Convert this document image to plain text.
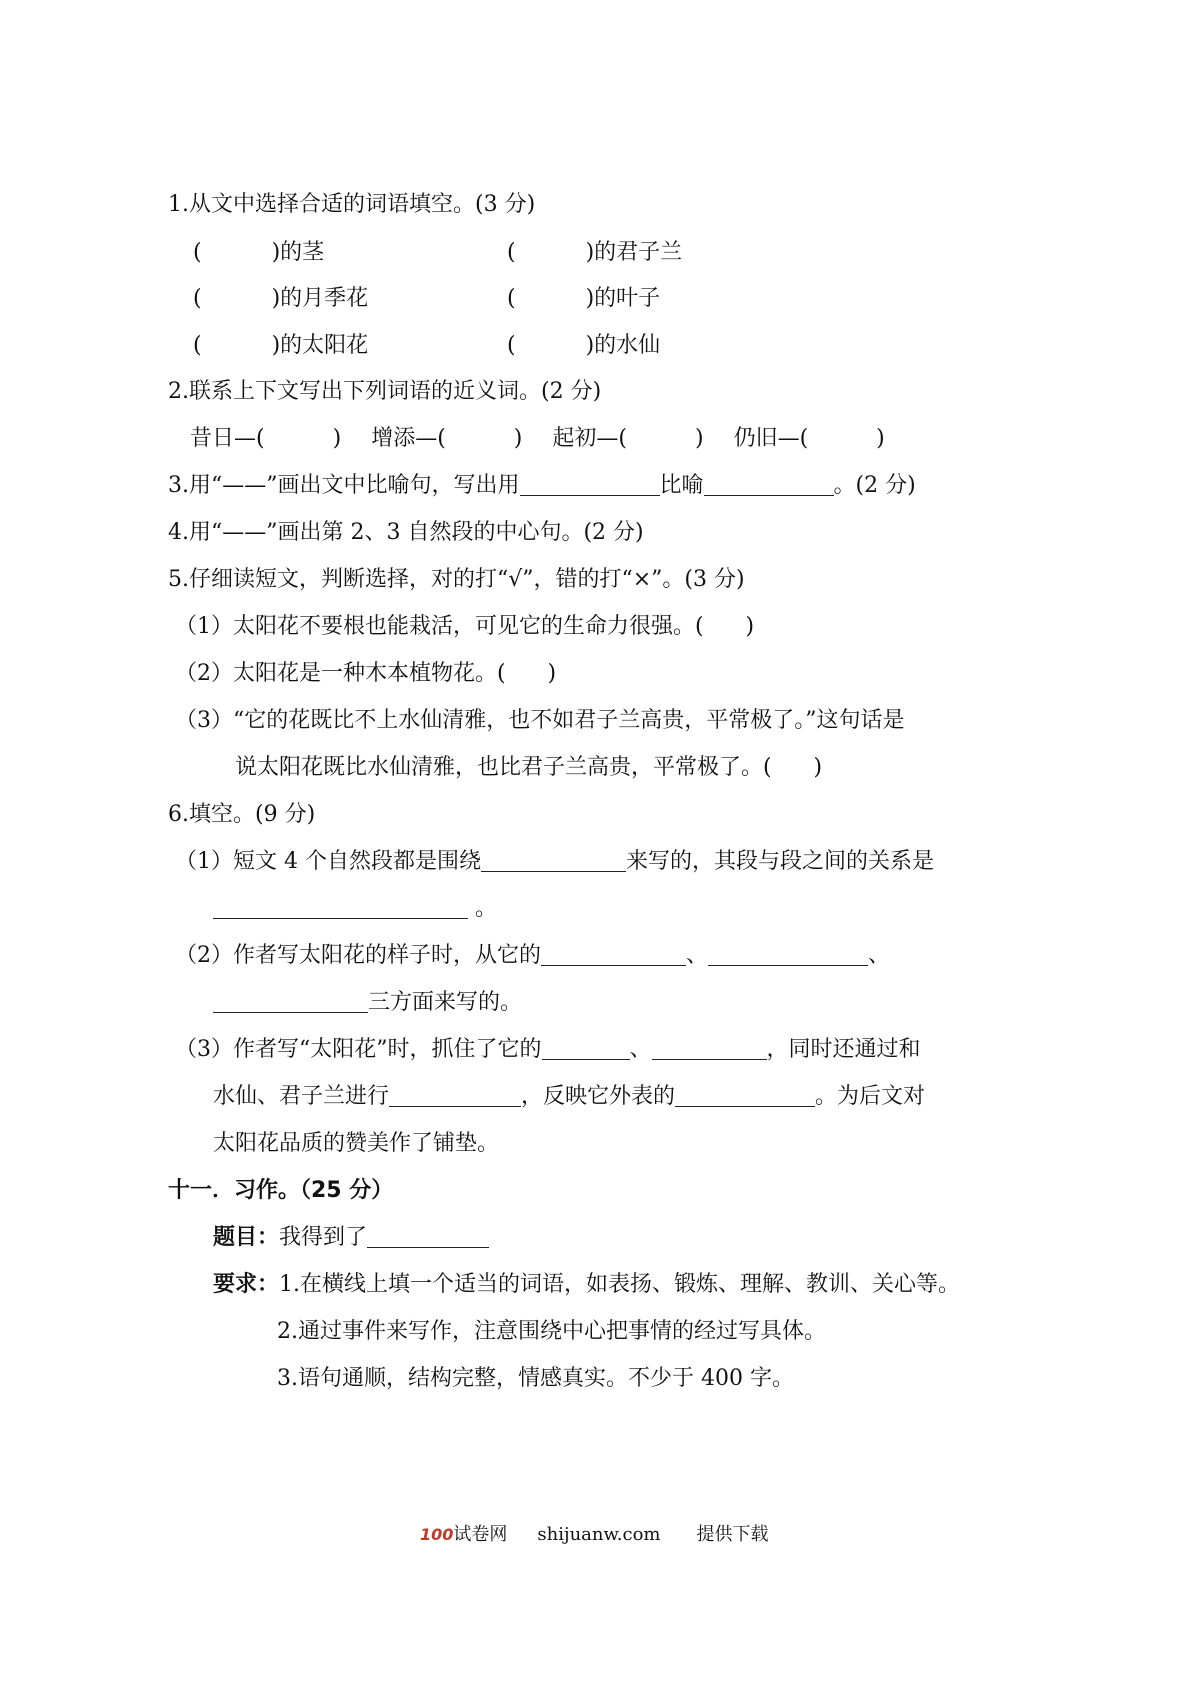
1.从文中选择合适的词语填空。(3 分)
(	)的茎	(	)的君子兰
(	)的月季花	(	)的叶子
(	)的太阳花	(	)的水仙
2.联系上下文写出下列词语的近义词。(2 分)
昔日—(	) 增添—(	) 起初—(	) 仍旧—(	)
3.用“——”画出文中比喻句，写出用	比喻	。(2 分)
4.用“——”画出第 2、3 自然段的中心句。(2 分)
5.仔细读短文，判断选择，对的打“√”，错的打“×”。(3 分)
（1）太阳花不要根也能栽活，可见它的生命力很强。(      )
（2）太阳花是一种木本植物花。(      )
（3）“它的花既比不上水仙清雅，也不如君子兰高贵，平常极了。”这句话是
说太阳花既比水仙清雅，也比君子兰高贵，平常极了。(      )
6.填空。(9 分)
（1）短文 4 个自然段都是围绕	来写的，其段与段之间的关系是
。
（2）作者写太阳花的样子时，从它的	、	、
三方面来写的。
（3）作者写“太阳花”时，抓住了它的	、	，同时还通过和
水仙、君子兰进行	，反映它外表的	。为后文对
太阳花品质的赞美作了铺垫。
十一．习作。（25 分）
题目：我得到了
要求：1.在横线上填一个适当的词语，如表扬、锻炼、理解、教训、关心等。
2.通过事件来写作，注意围绕中心把事情的经过写具体。
3.语句通顺，结构完整，情感真实。不少于 400 字。
100试卷网 shijuanw.com 提供下载
